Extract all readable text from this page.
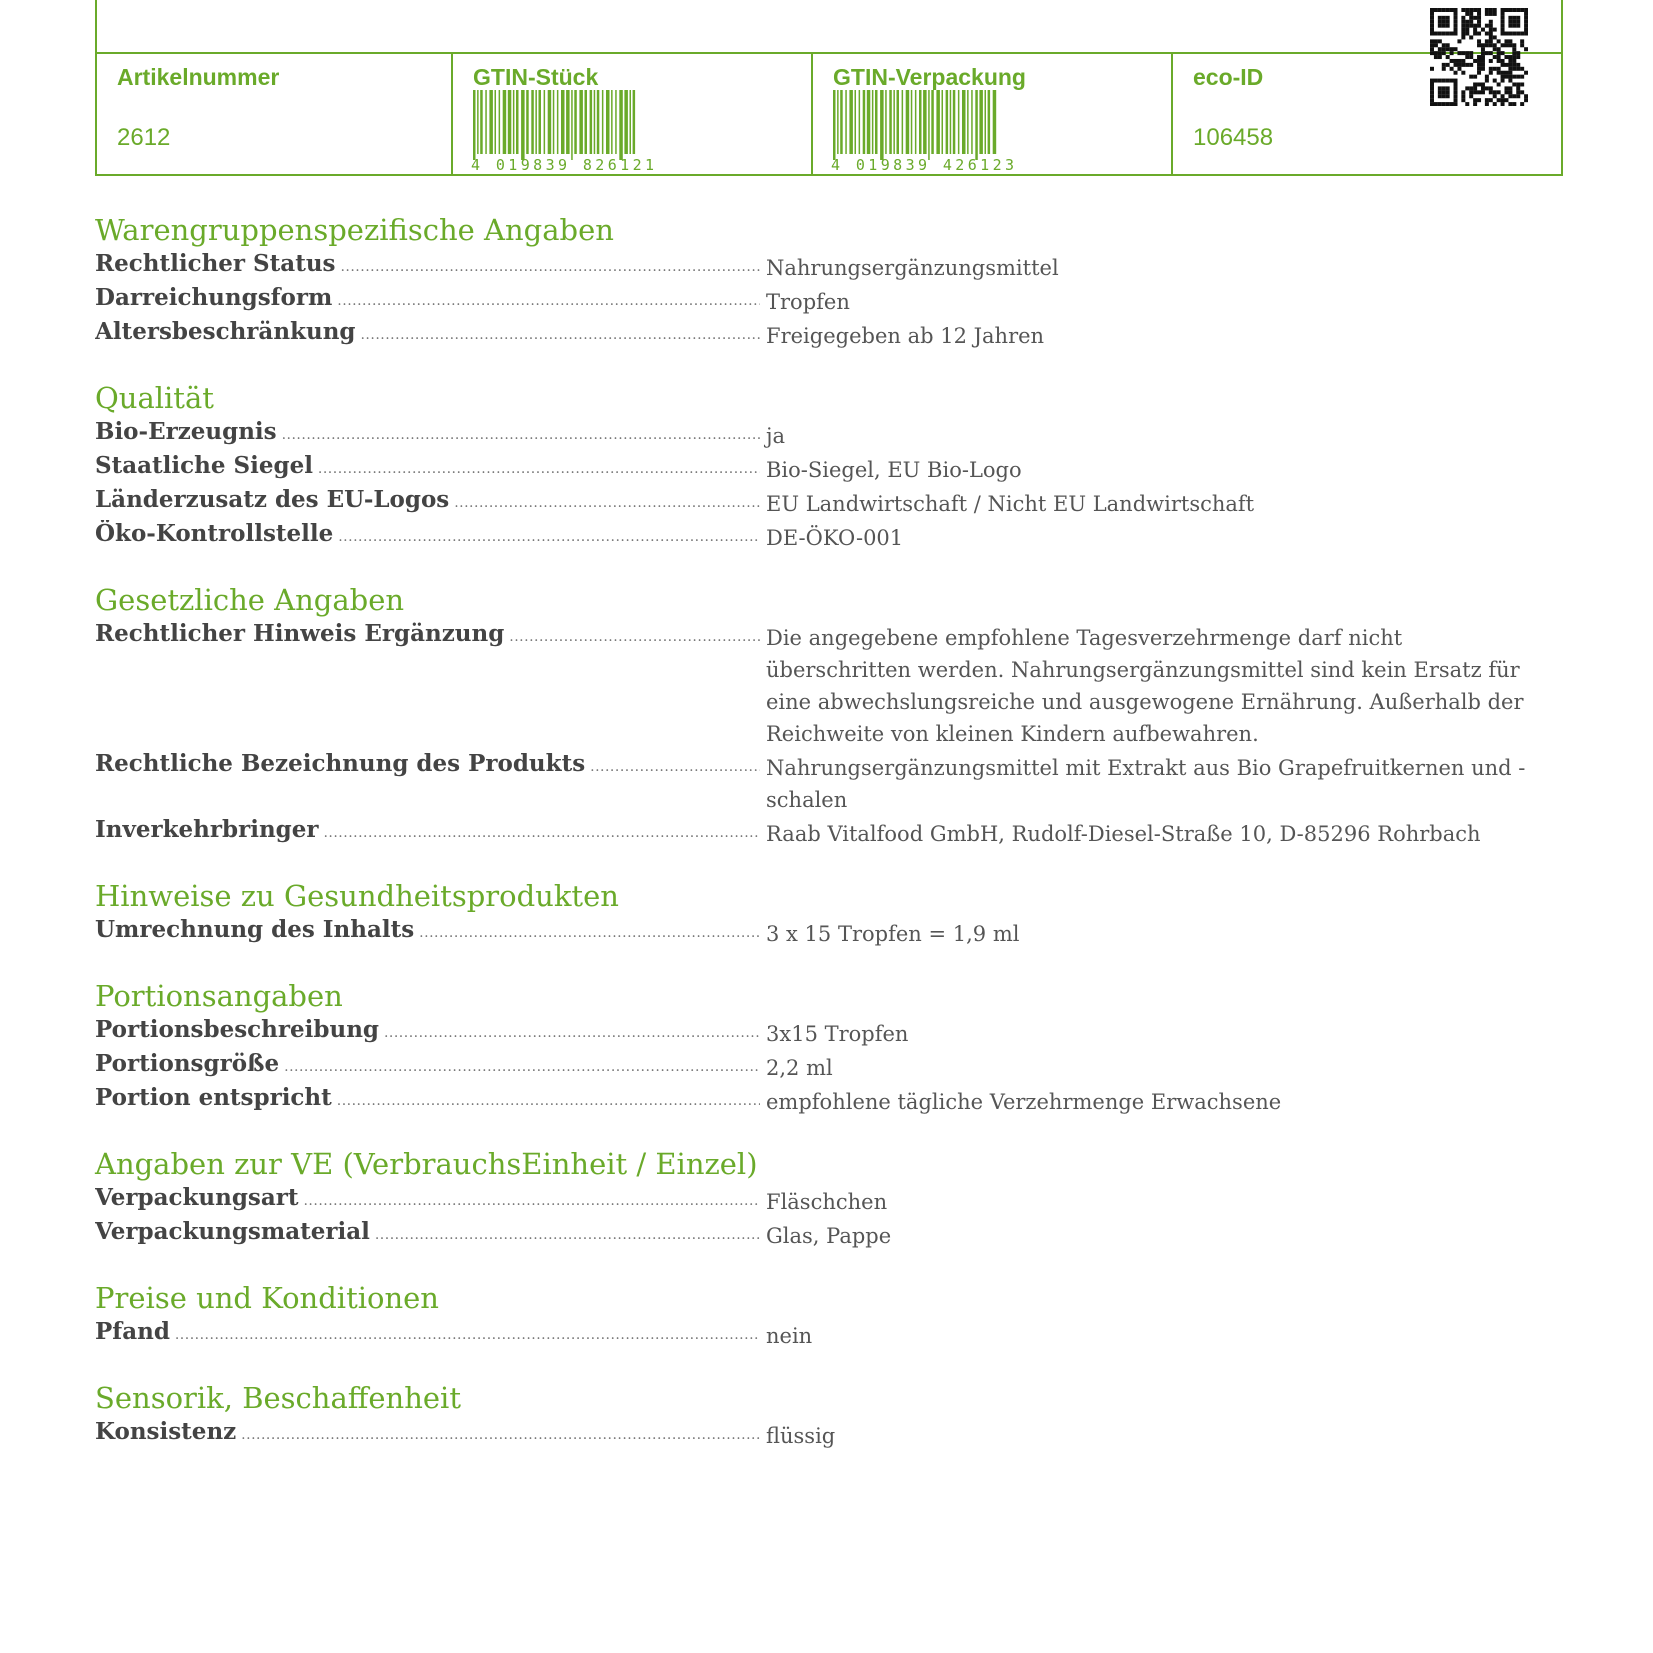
Artikelnummer
2612
GTIN-Stück
4 019839 826121
GTIN-Verpackung
4 019839 426123
eco-ID
106458
Warengruppenspezifische Angaben
Rechtlicher Status .....	Nahrungsergänzungsmittel
Darreichungsform .....	Tropfen
Altersbeschränkung .....	Freigegeben ab 12 Jahren
Qualität
Bio-Erzeugnis .....	ja
Staatliche Siegel .....	Bio-Siegel, EU Bio-Logo
Länderzusatz des EU-Logos .....	EU Landwirtschaft / Nicht EU Landwirtschaft
Öko-Kontrollstelle .....	DE-ÖKO-001
Gesetzliche Angaben
Rechtlicher Hinweis Ergänzung .....	Die angegebene empfohlene Tagesverzehrmenge darf nicht überschritten werden. Nahrungsergänzungsmittel sind kein Ersatz für eine abwechslungsreiche und ausgewogene Ernährung. Außerhalb der Reichweite von kleinen Kindern aufbewahren.
Rechtliche Bezeichnung des Produkts .....	Nahrungsergänzungsmittel mit Extrakt aus Bio Grapefruitkernen und -schalen
Inverkehrbringer .....	Raab Vitalfood GmbH, Rudolf-Diesel-Straße 10, D-85296 Rohrbach
Hinweise zu Gesundheitsprodukten
Umrechnung des Inhalts .....	3 x 15 Tropfen = 1,9 ml
Portionsangaben
Portionsbeschreibung .....	3x15 Tropfen
Portionsgröße .....	2,2 ml
Portion entspricht .....	empfohlene tägliche Verzehrmenge Erwachsene
Angaben zur VE (VerbrauchsEinheit / Einzel)
Verpackungsart .....	Fläschchen
Verpackungsmaterial .....	Glas, Pappe
Preise und Konditionen
Pfand .....	nein
Sensorik, Beschaffenheit
Konsistenz .....	flüssig
